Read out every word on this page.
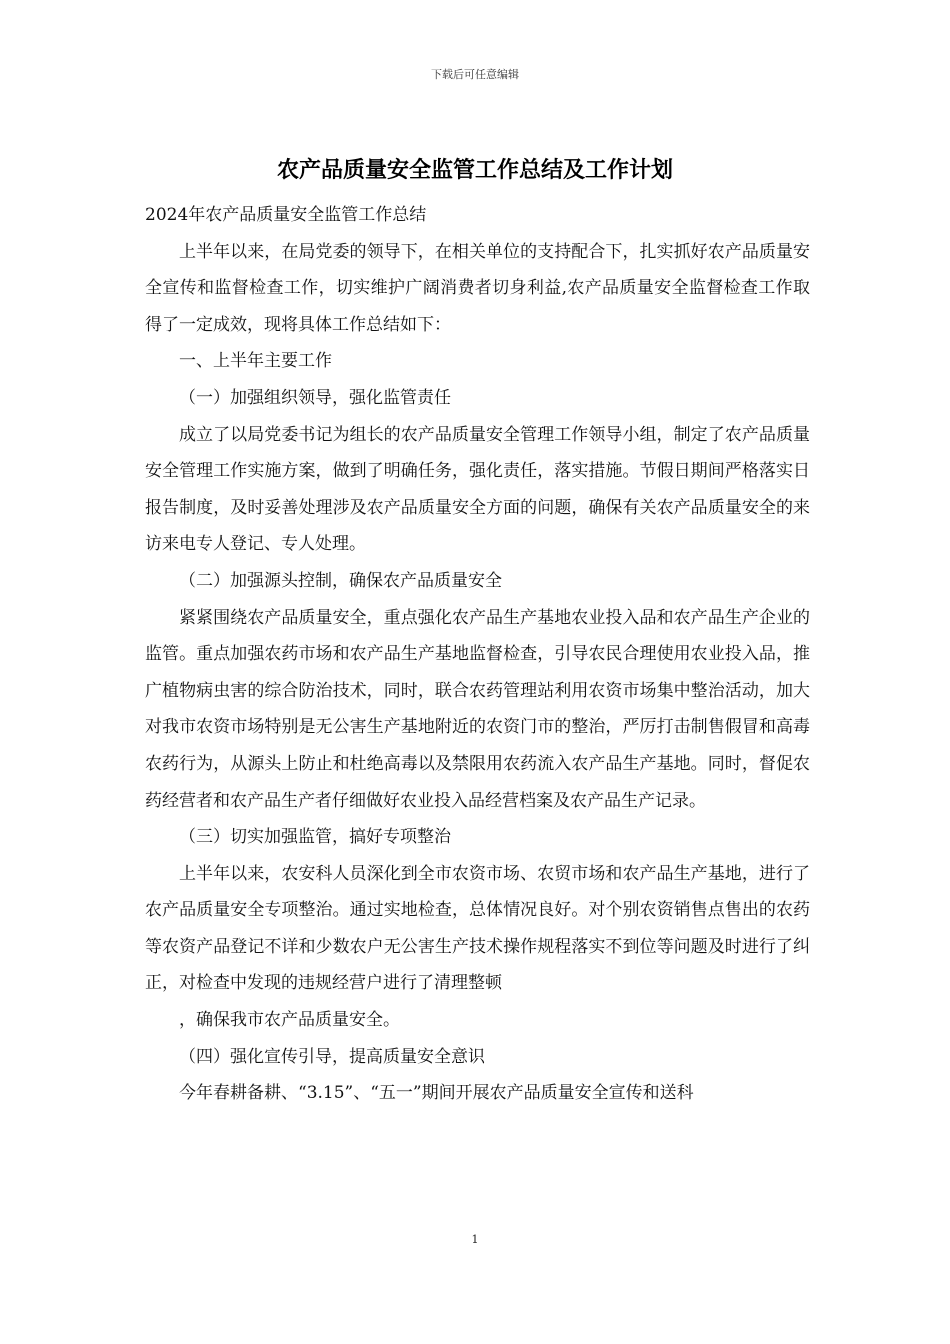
下载后可任意编辑
农产品质量安全监管工作总结及工作计划

2024年农产品质量安全监管工作总结

上半年以来，在局党委的领导下，在相关单位的支持配合下，扎实抓好农产品质量安全宣传和监督检查工作，切实维护广阔消费者切身利益,农产品质量安全监督检查工作取得了一定成效，现将具体工作总结如下：

一、上半年主要工作

（一）加强组织领导，强化监管责任

成立了以局党委书记为组长的农产品质量安全管理工作领导小组，制定了农产品质量安全管理工作实施方案，做到了明确任务，强化责任，落实措施。节假日期间严格落实日报告制度，及时妥善处理涉及农产品质量安全方面的问题，确保有关农产品质量安全的来访来电专人登记、专人处理。

（二）加强源头控制，确保农产品质量安全

紧紧围绕农产品质量安全，重点强化农产品生产基地农业投入品和农产品生产企业的监管。重点加强农药市场和农产品生产基地监督检查，引导农民合理使用农业投入品，推广植物病虫害的综合防治技术，同时，联合农药管理站利用农资市场集中整治活动，加大对我市农资市场特别是无公害生产基地附近的农资门市的整治，严厉打击制售假冒和高毒农药行为，从源头上防止和杜绝高毒以及禁限用农药流入农产品生产基地。同时，督促农药经营者和农产品生产者仔细做好农业投入品经营档案及农产品生产记录。

（三）切实加强监管，搞好专项整治

上半年以来，农安科人员深化到全市农资市场、农贸市场和农产品生产基地，进行了农产品质量安全专项整治。通过实地检查，总体情况良好。对个别农资销售点售出的农药等农资产品登记不详和少数农户无公害生产技术操作规程落实不到位等问题及时进行了纠正，对检查中发现的违规经营户进行了清理整顿

，确保我市农产品质量安全。

（四）强化宣传引导，提高质量安全意识

今年春耕备耕、“3.15”、“五一”期间开展农产品质量安全宣传和送科

1
